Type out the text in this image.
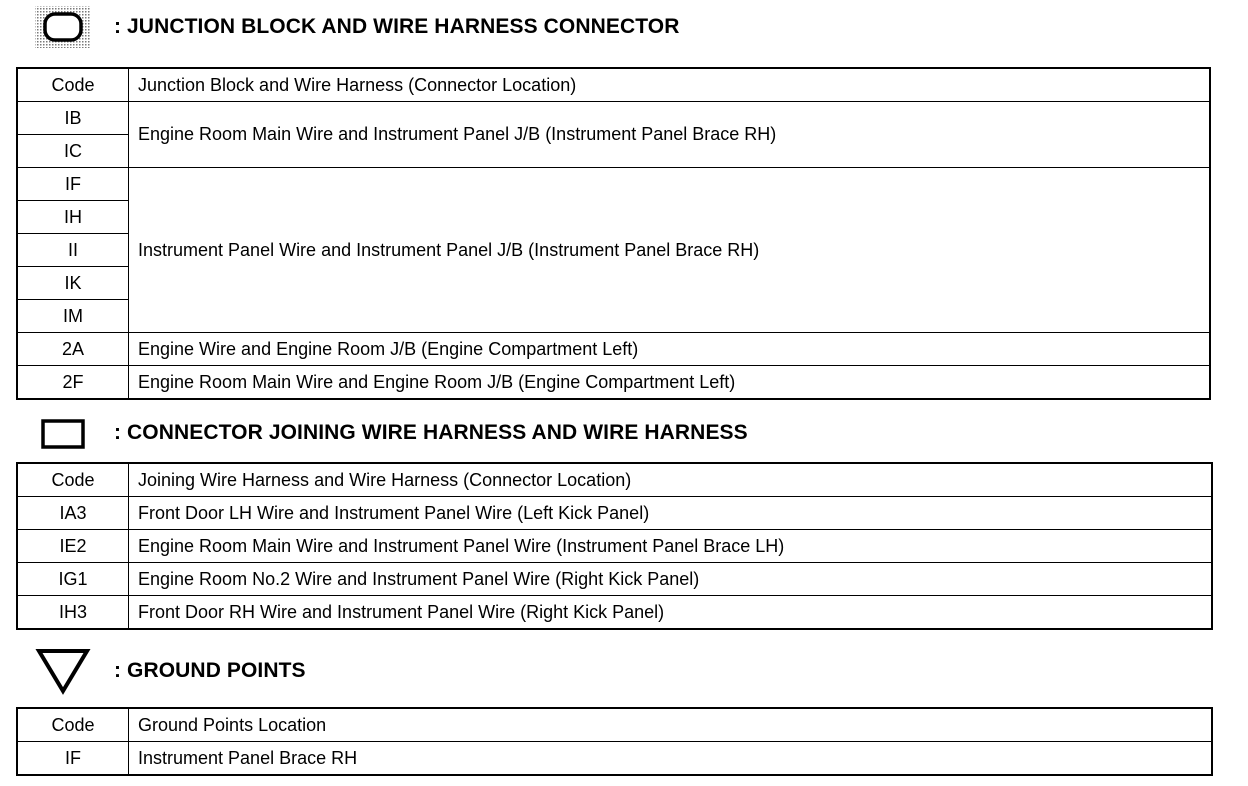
: JUNCTION BLOCK AND WIRE HARNESS CONNECTOR
Code	Junction Block and Wire Harness (Connector Location)
IB	Engine Room Main Wire and Instrument Panel J/B (Instrument Panel Brace RH)
IC	
IF	Instrument Panel Wire and Instrument Panel J/B (Instrument Panel Brace RH)
IH	
II	
IK	
IM	
2A	Engine Wire and Engine Room J/B (Engine Compartment Left)
2F	Engine Room Main Wire and Engine Room J/B (Engine Compartment Left)
: CONNECTOR JOINING WIRE HARNESS AND WIRE HARNESS
Code	Joining Wire Harness and Wire Harness (Connector Location)
IA3	Front Door LH Wire and Instrument Panel Wire (Left Kick Panel)
IE2	Engine Room Main Wire and Instrument Panel Wire (Instrument Panel Brace LH)
IG1	Engine Room No.2 Wire and Instrument Panel Wire (Right Kick Panel)
IH3	Front Door RH Wire and Instrument Panel Wire (Right Kick Panel)
: GROUND POINTS
Code	Ground Points Location
IF	Instrument Panel Brace RH
